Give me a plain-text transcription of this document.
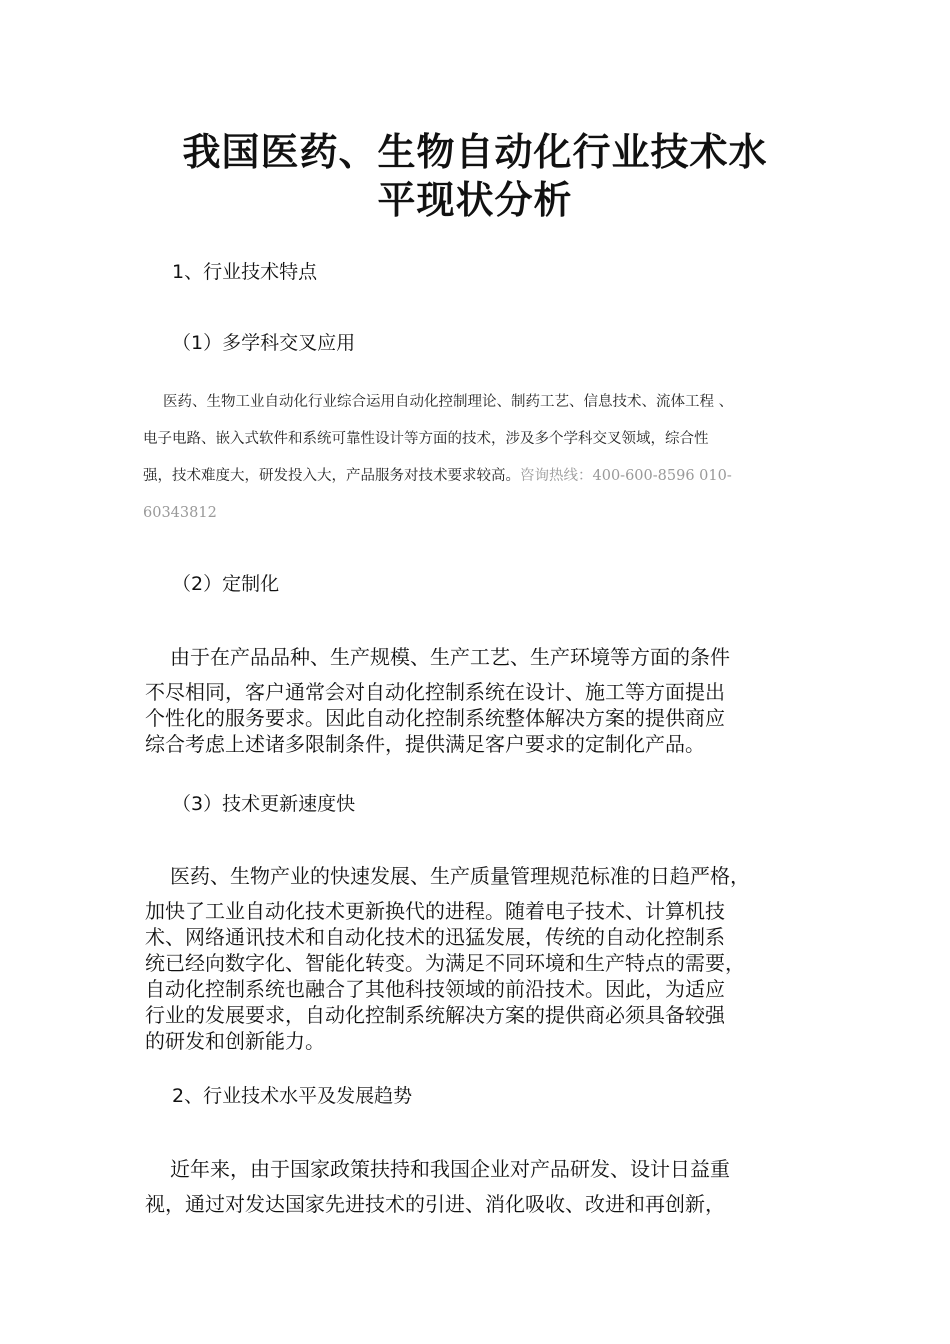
我国医药、生物自动化行业技术水
平现状分析
1、行业技术特点
（1）多学科交叉应用

医药、生物工业自动化行业综合运用自动化控制理论、制药工艺、信息技术、流体工程 、

电子电路、嵌入式软件和系统可靠性设计等方面的技术，涉及多个学科交叉领域，综合性

强，技术难度大，研发投入大，产品服务对技术要求较高。咨询热线：400-600-8596 010-

60343812

（2）定制化

由于在产品品种、生产规模、生产工艺、生产环境等方面的条件

不尽相同，客户通常会对自动化控制系统在设计、施工等方面提出

个性化的服务要求。因此自动化控制系统整体解决方案的提供商应

综合考虑上述诸多限制条件，提供满足客户要求的定制化产品。

（3）技术更新速度快

医药、生物产业的快速发展、生产质量管理规范标准的日趋严格，

加快了工业自动化技术更新换代的进程。随着电子技术、计算机技

术、网络通讯技术和自动化技术的迅猛发展，传统的自动化控制系

统已经向数字化、智能化转变。为满足不同环境和生产特点的需要，

自动化控制系统也融合了其他科技领域的前沿技术。因此，为适应

行业的发展要求，自动化控制系统解决方案的提供商必须具备较强

的研发和创新能力。

2、行业技术水平及发展趋势

近年来，由于国家政策扶持和我国企业对产品研发、设计日益重

视，通过对发达国家先进技术的引进、消化吸收、改进和再创新，
